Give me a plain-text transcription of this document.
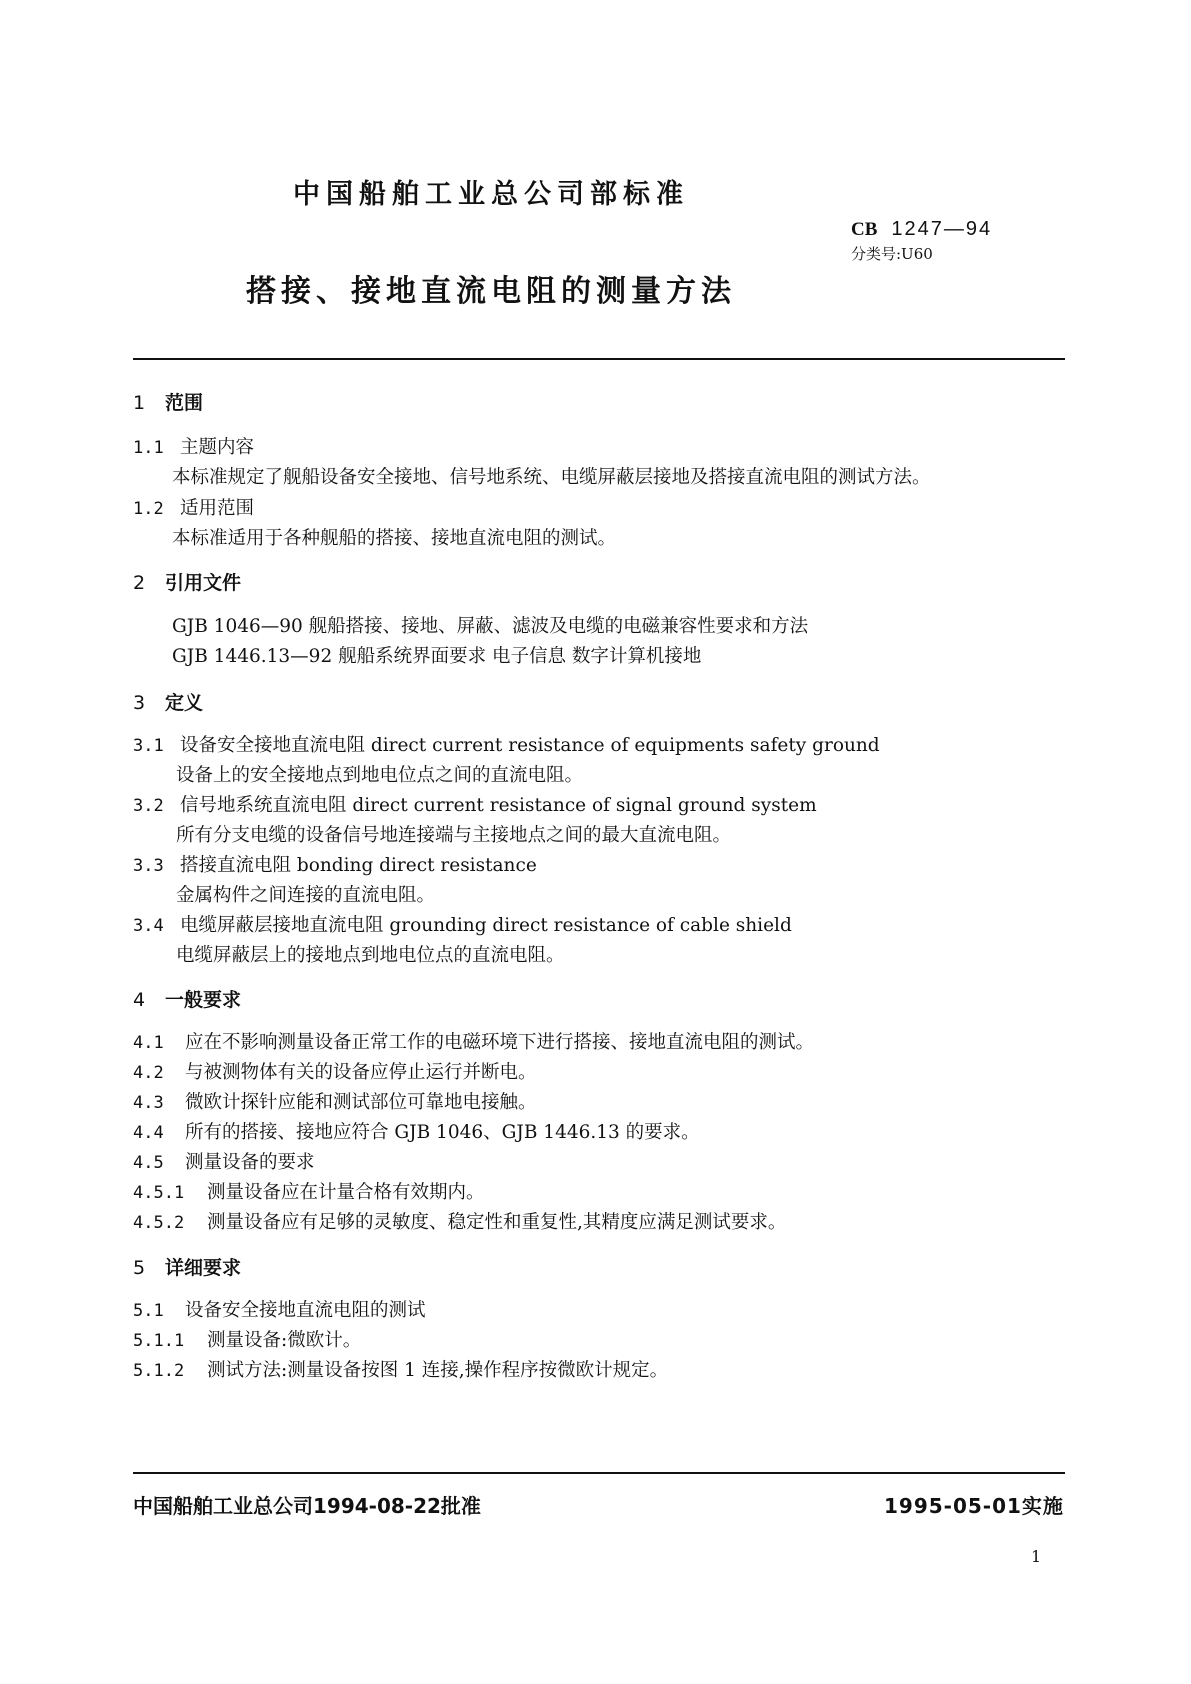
中国船舶工业总公司部标准
CB 1247—94
分类号:U60
搭接、接地直流电阻的测量方法
1 范围
1.1 主题内容
本标准规定了舰船设备安全接地、信号地系统、电缆屏蔽层接地及搭接直流电阻的测试方法。
1.2 适用范围
本标准适用于各种舰船的搭接、接地直流电阻的测试。
2 引用文件
GJB 1046—90 舰船搭接、接地、屏蔽、滤波及电缆的电磁兼容性要求和方法
GJB 1446.13—92 舰船系统界面要求 电子信息 数字计算机接地
3 定义
3.1 设备安全接地直流电阻 direct current resistance of equipments safety ground
设备上的安全接地点到地电位点之间的直流电阻。
3.2 信号地系统直流电阻 direct current resistance of signal ground system
所有分支电缆的设备信号地连接端与主接地点之间的最大直流电阻。
3.3 搭接直流电阻 bonding direct resistance
金属构件之间连接的直流电阻。
3.4 电缆屏蔽层接地直流电阻 grounding direct resistance of cable shield
电缆屏蔽层上的接地点到地电位点的直流电阻。
4 一般要求
4.1 应在不影响测量设备正常工作的电磁环境下进行搭接、接地直流电阻的测试。
4.2 与被测物体有关的设备应停止运行并断电。
4.3 微欧计探针应能和测试部位可靠地电接触。
4.4 所有的搭接、接地应符合 GJB 1046、GJB 1446.13 的要求。
4.5 测量设备的要求
4.5.1 测量设备应在计量合格有效期内。
4.5.2 测量设备应有足够的灵敏度、稳定性和重复性,其精度应满足测试要求。
5 详细要求
5.1 设备安全接地直流电阻的测试
5.1.1 测量设备:微欧计。
5.1.2 测试方法:测量设备按图 1 连接,操作程序按微欧计规定。
中国船舶工业总公司1994-08-22批准	1995-05-01实施
1
